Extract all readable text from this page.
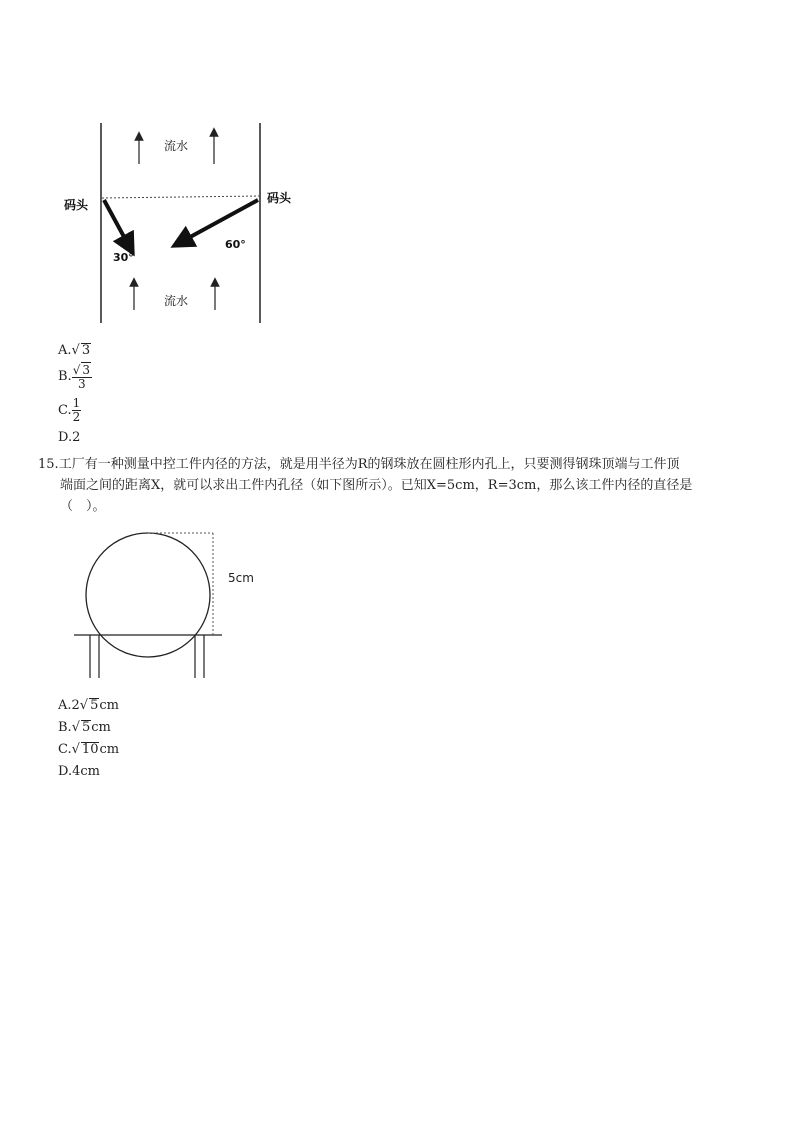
流水
流水
码头	码头
30°
60°
A.√ 3
B. $\frac{√ 3}{3}$
C. $\frac{1}{2}$
D.2
15.工厂有一种测量中控工件内径的方法，就是用半径为R的钢珠放在圆柱形内孔上，只要测得钢珠顶端与工件顶
端面之间的距离X，就可以求出工件内孔径（如下图所示）。已知X=5cm，R=3cm，那么该工件内径的直径是
（　）。
5cm
A.2√ 5cm
B.√ 5cm
C.√ 10cm
D.4cm
